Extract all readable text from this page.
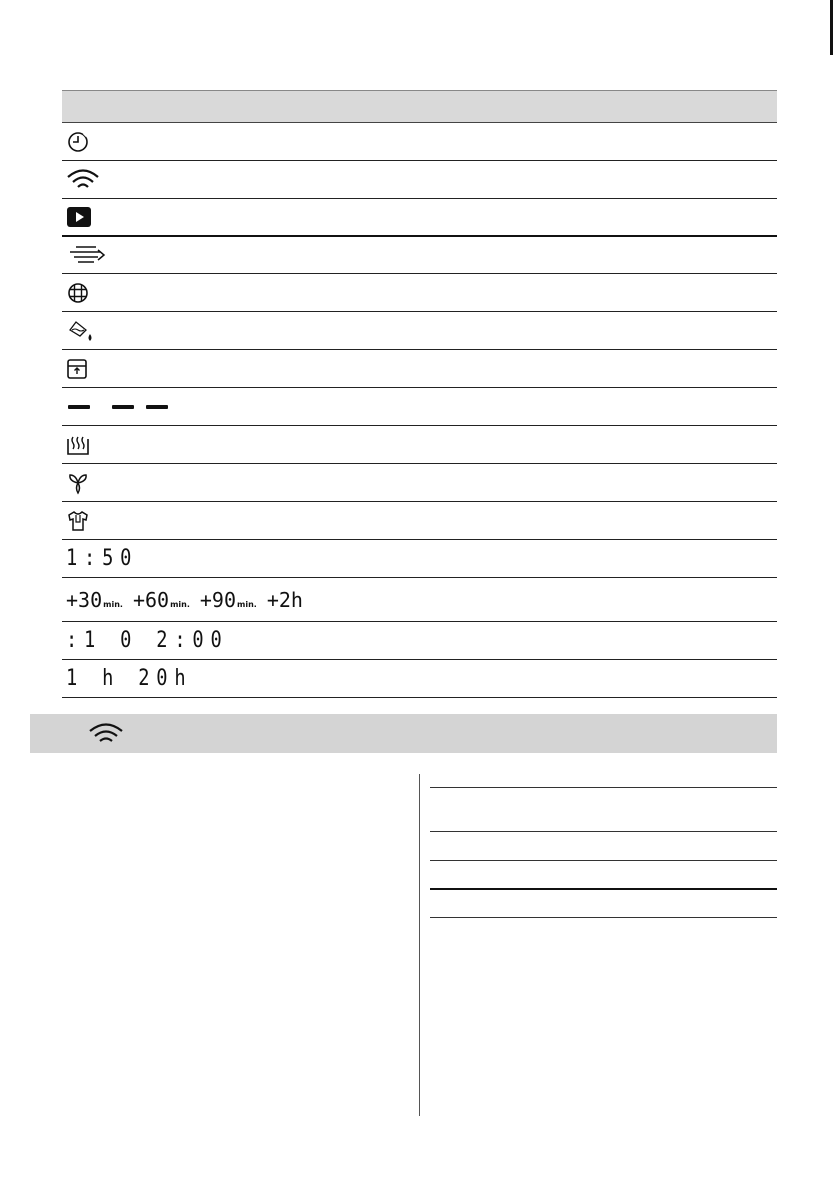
1:50
+30min. +60min. +90min. +2h
:1 0 2:00
1 h 20h
